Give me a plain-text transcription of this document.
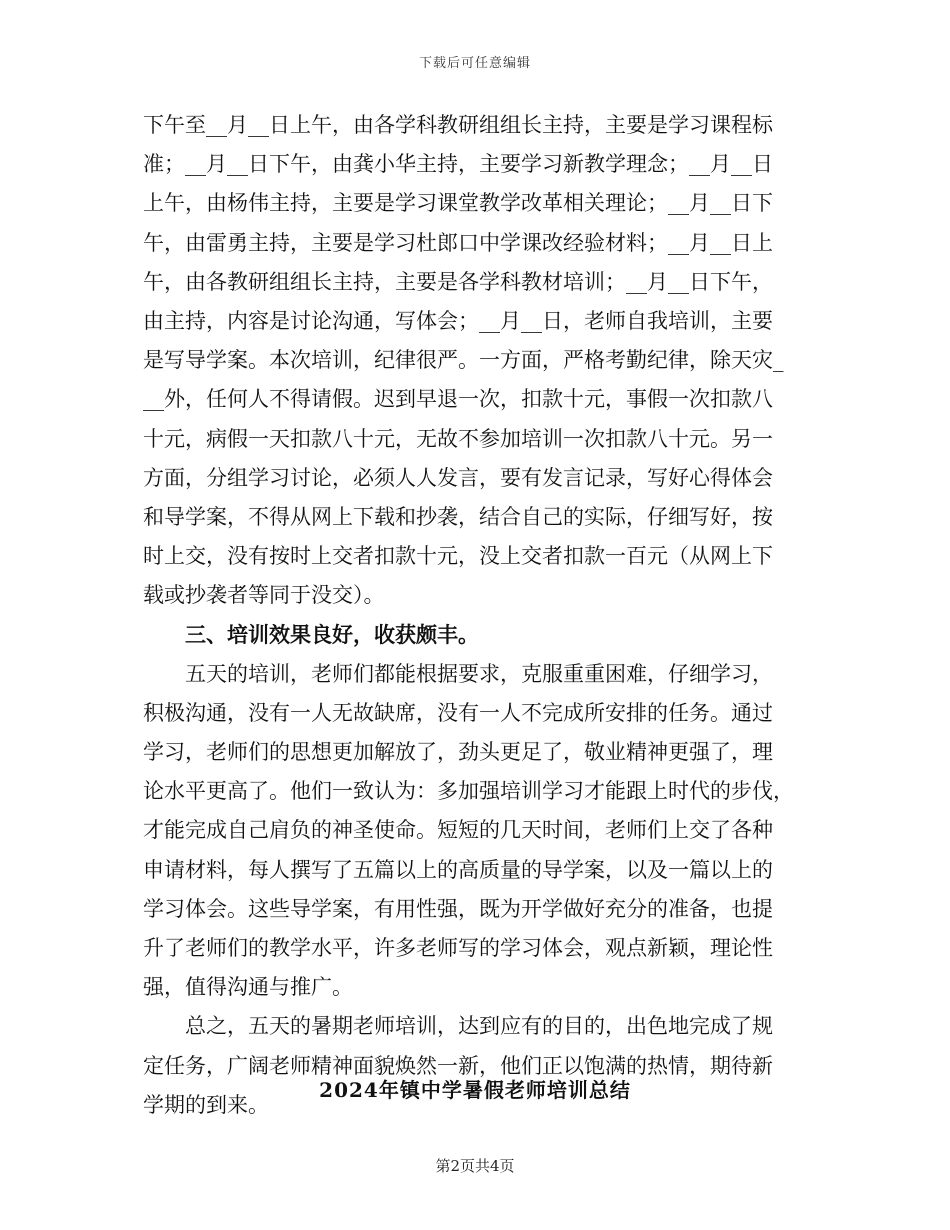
下载后可任意编辑
下午至__月__日上午，由各学科教研组组长主持，主要是学习课程标
准；__月__日下午，由龚小华主持，主要学习新教学理念；__月__日
上午，由杨伟主持，主要是学习课堂教学改革相关理论；__月__日下
午，由雷勇主持，主要是学习杜郎口中学课改经验材料；__月__日上
午，由各教研组组长主持，主要是各学科教材培训；__月__日下午，
由主持，内容是讨论沟通，写体会；__月__日，老师自我培训，主要
是写导学案。本次培训，纪律很严。一方面，严格考勤纪律，除天灾_
__外，任何人不得请假。迟到早退一次，扣款十元，事假一次扣款八
十元，病假一天扣款八十元，无故不参加培训一次扣款八十元。另一
方面，分组学习讨论，必须人人发言，要有发言记录，写好心得体会
和导学案，不得从网上下载和抄袭，结合自己的实际，仔细写好，按
时上交，没有按时上交者扣款十元，没上交者扣款一百元（从网上下
载或抄袭者等同于没交）。
三、培训效果良好，收获颇丰。
五天的培训，老师们都能根据要求，克服重重困难，仔细学习，
积极沟通，没有一人无故缺席，没有一人不完成所安排的任务。通过
学习，老师们的思想更加解放了，劲头更足了，敬业精神更强了，理
论水平更高了。他们一致认为：多加强培训学习才能跟上时代的步伐，
才能完成自己肩负的神圣使命。短短的几天时间，老师们上交了各种
申请材料，每人撰写了五篇以上的高质量的导学案，以及一篇以上的
学习体会。这些导学案，有用性强，既为开学做好充分的准备，也提
升了老师们的教学水平，许多老师写的学习体会，观点新颖，理论性
强，值得沟通与推广。
总之，五天的暑期老师培训，达到应有的目的，出色地完成了规
定任务，广阔老师精神面貌焕然一新，他们正以饱满的热情，期待新
学期的到来。
2024年镇中学暑假老师培训总结
第2页共4页
